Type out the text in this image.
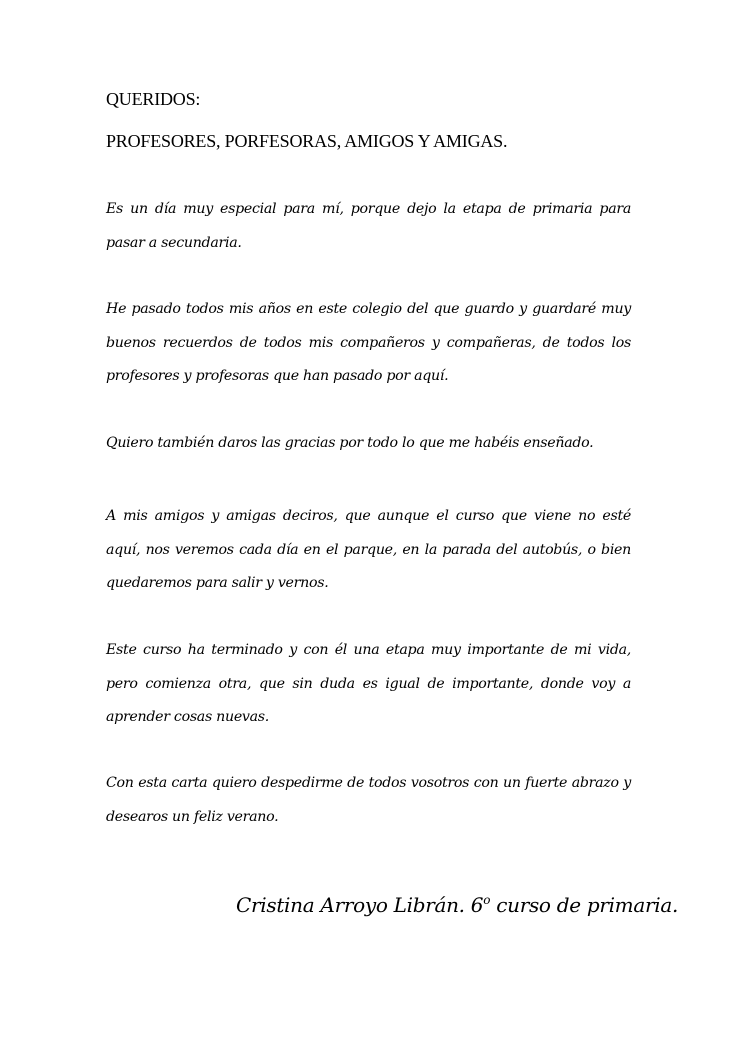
QUERIDOS:
PROFESORES, PORFESORAS, AMIGOS Y AMIGAS.

Es un día muy especial para mí, porque dejo la etapa de primaria para pasar a secundaria.

He pasado todos mis años en este colegio del que guardo y guardaré muy buenos recuerdos de todos mis compañeros y compañeras, de todos los profesores y profesoras que han pasado por aquí.

Quiero también daros las gracias por todo lo que me habéis enseñado.

A mis amigos y amigas deciros, que aunque el curso que viene no esté aquí, nos veremos cada día en el parque, en la parada del autobús, o bien quedaremos para salir y vernos.

Este curso ha terminado y con él una etapa muy importante de mi vida, pero comienza otra, que sin duda es igual de importante, donde voy a aprender cosas nuevas.

Con esta carta quiero despedirme de todos vosotros con un fuerte abrazo y desearos un feliz verano.

Cristina Arroyo Librán. 6$^o$ curso de primaria.
